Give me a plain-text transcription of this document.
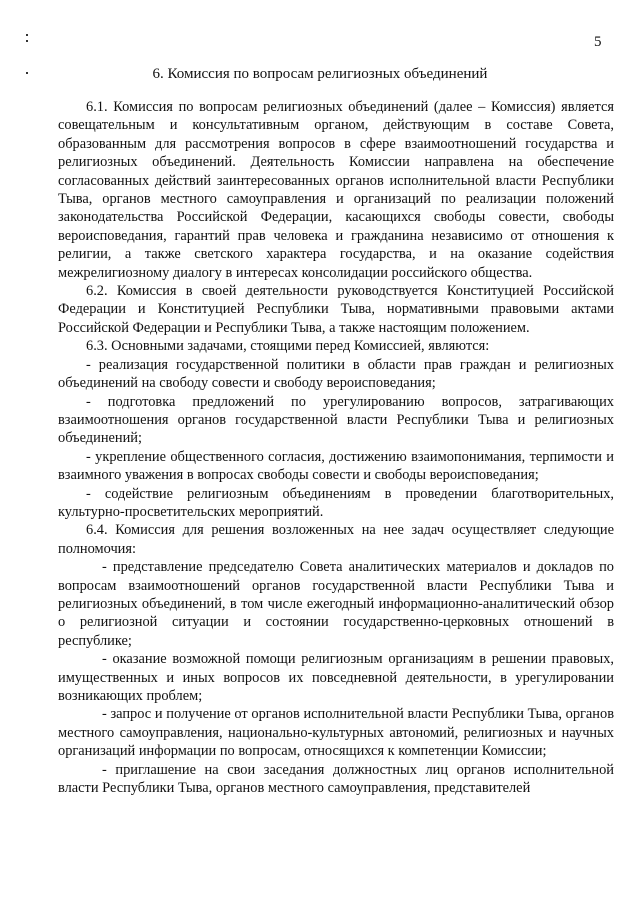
5
6. Комиссия по вопросам религиозных объединений

6.1. Комиссия по вопросам религиозных объединений (далее – Комиссия) является совещательным и консультативным органом, действующим в составе Совета, образованным для рассмотрения вопросов в сфере взаимоотношений государства и религиозных объединений. Деятельность Комиссии направлена на обеспечение согласованных действий заинтересованных органов исполнительной власти Республики Тыва, органов местного самоуправления и организаций по реализации положений законодательства Российской Федерации, касающихся свободы совести, свободы вероисповедания, гарантий прав человека и гражданина независимо от отношения к религии, а также светского характера государства, и на оказание содействия межрелигиозному диалогу в интересах консолидации российского общества.

6.2. Комиссия в своей деятельности руководствуется Конституцией Российской Федерации и Конституцией Республики Тыва, нормативными правовыми актами Российской Федерации и Республики Тыва, а также настоящим положением.

6.3. Основными задачами, стоящими перед Комиссией, являются:

- реализация государственной политики в области прав граждан и религиозных объединений на свободу совести и свободу вероисповедания;

- подготовка предложений по урегулированию вопросов, затрагивающих взаимоотношения органов государственной власти Республики Тыва и религиозных объединений;

- укрепление общественного согласия, достижению взаимопонимания, терпимости и взаимного уважения в вопросах свободы совести и свободы вероисповедания;

- содействие религиозным объединениям в проведении благотворительных, культурно-просветительских мероприятий.

6.4. Комиссия для решения возложенных на нее задач осуществляет следующие полномочия:

- представление председателю Совета аналитических материалов и докладов по вопросам взаимоотношений органов государственной власти Республики Тыва и религиозных объединений, в том числе ежегодный информационно-аналитический обзор о религиозной ситуации и состоянии государственно-церковных отношений в республике;

- оказание возможной помощи религиозным организациям в решении правовых, имущественных и иных вопросов их повседневной деятельности, в урегулировании возникающих проблем;

- запрос и получение от органов исполнительной власти Республики Тыва, органов местного самоуправления, национально-культурных автономий, религиозных и научных организаций информации по вопросам, относящихся к компетенции Комиссии;

- приглашение на свои заседания должностных лиц органов исполнительной власти Республики Тыва, органов местного самоуправления, представителей
